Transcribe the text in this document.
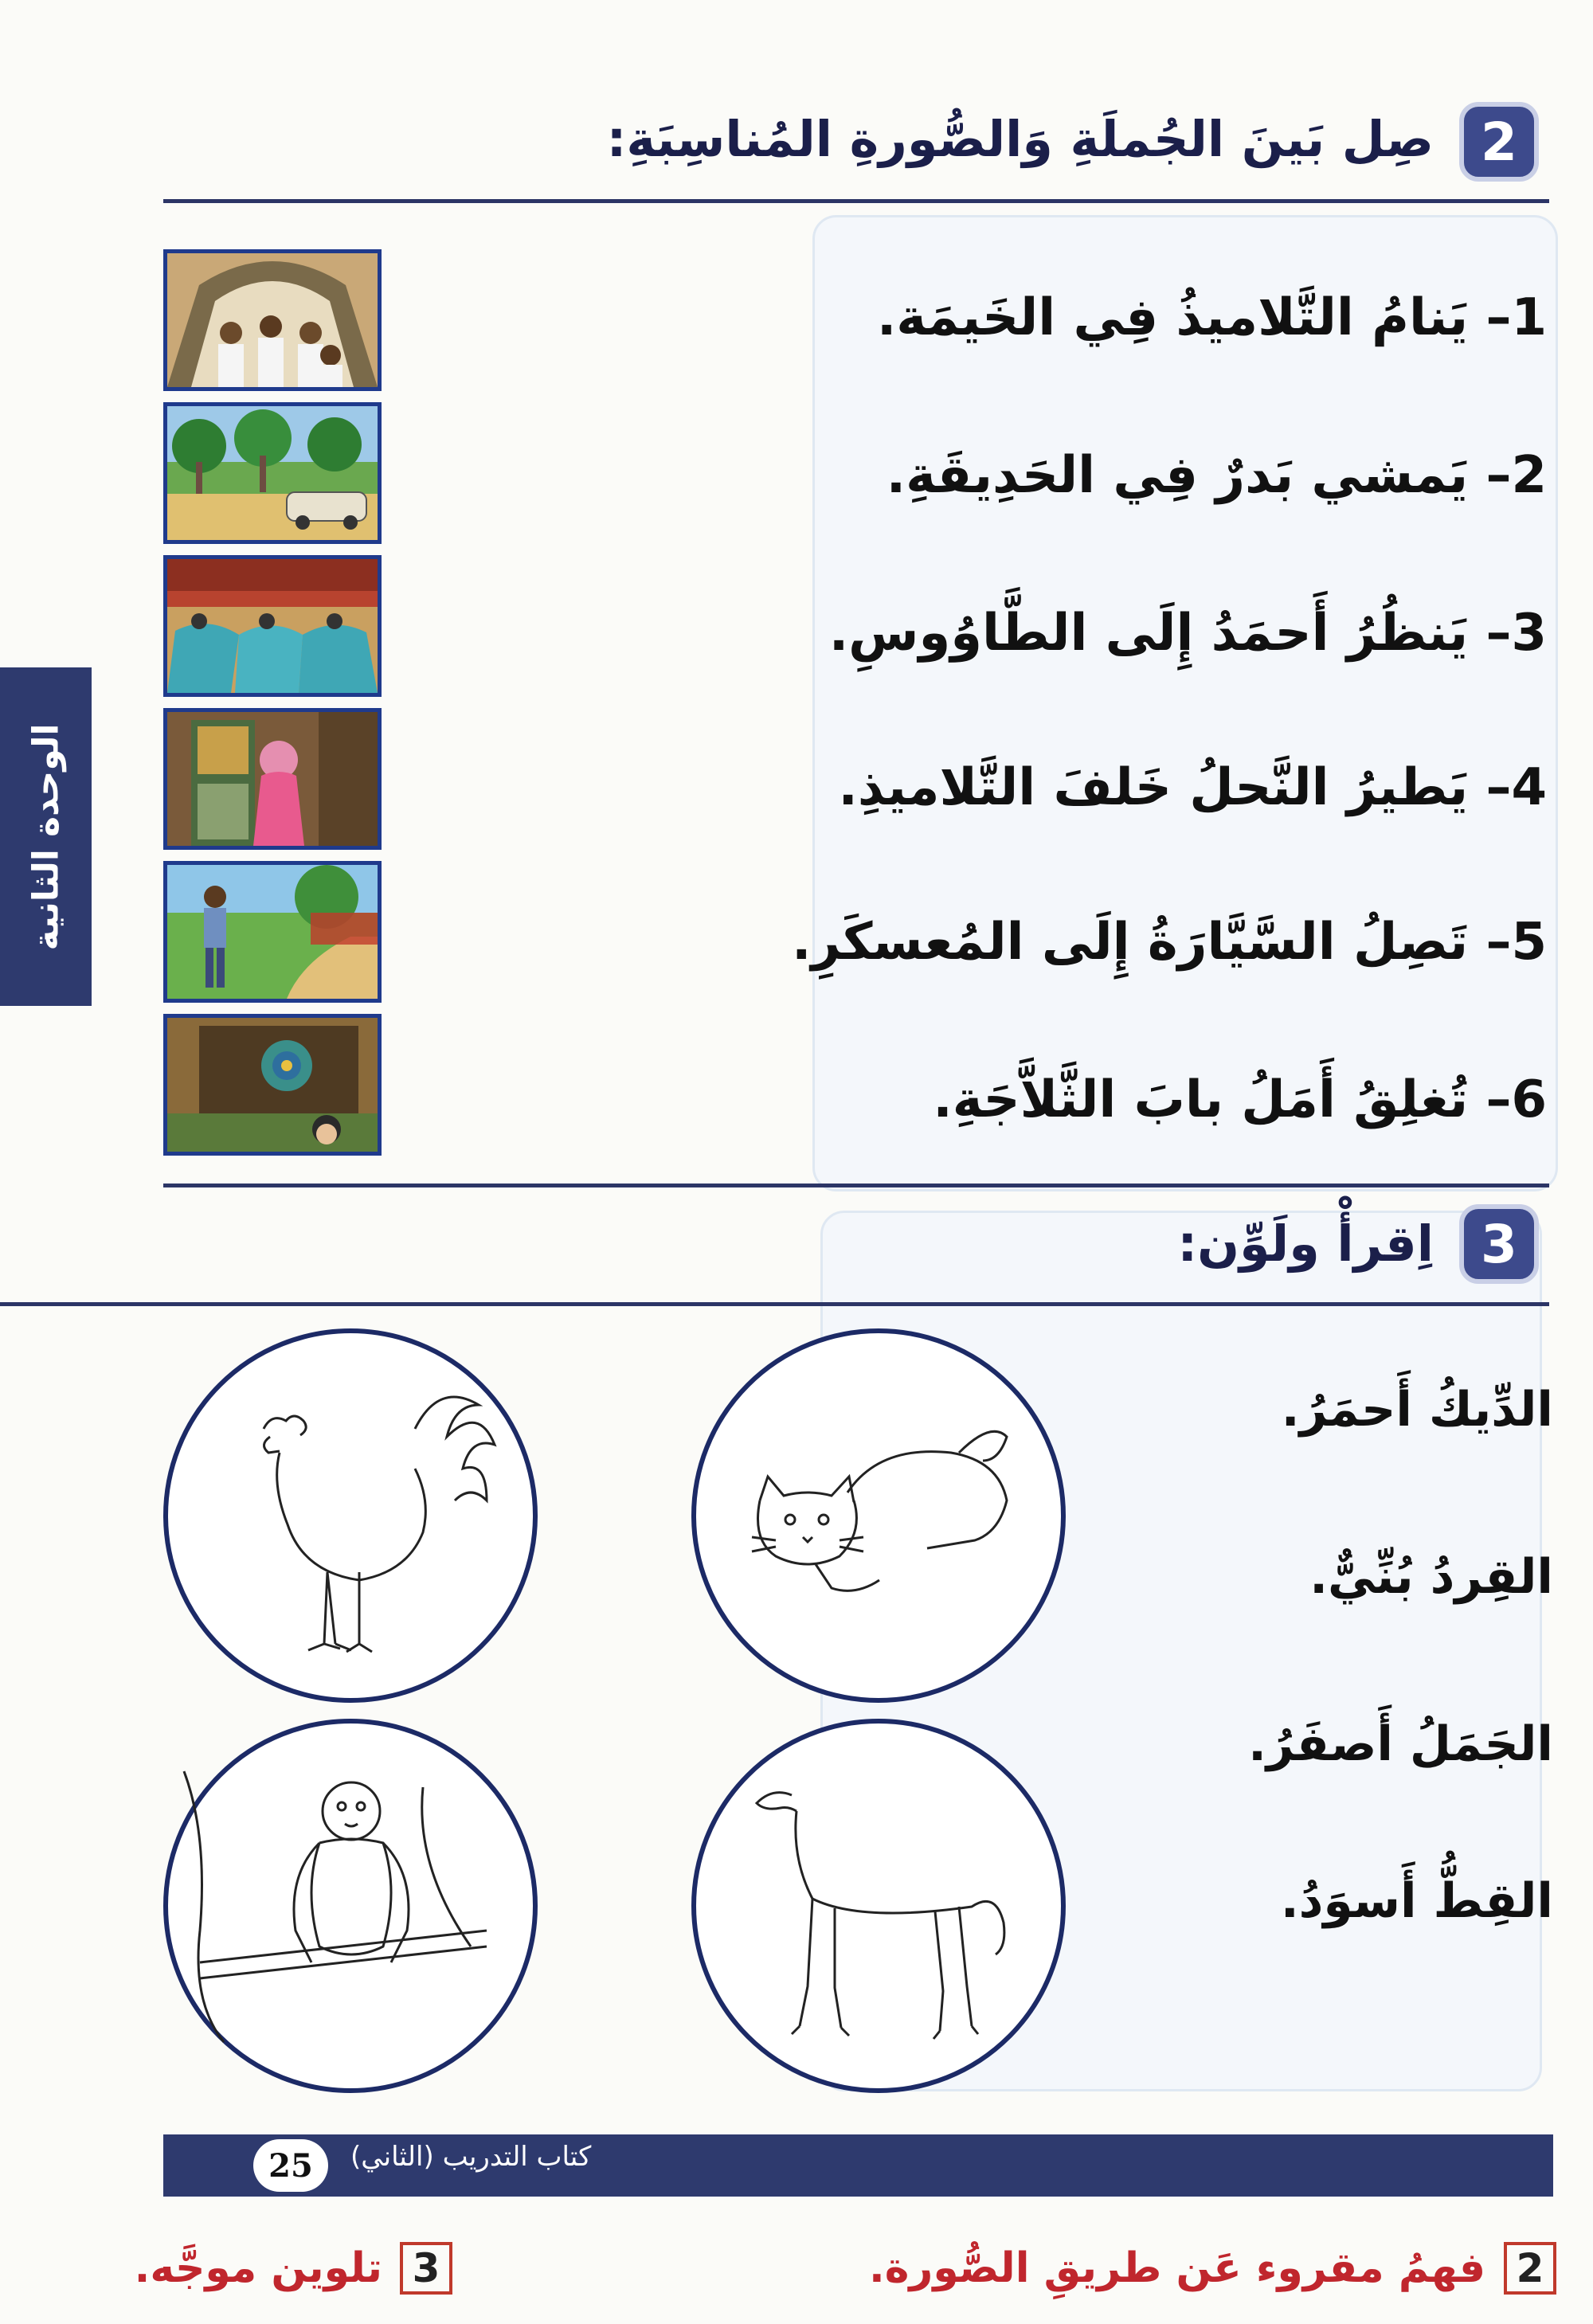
2
صِل بَينَ الجُملَةِ وَالصُّورةِ المُناسِبَةِ:
1– يَنامُ التَّلاميذُ فِي الخَيمَة.
2– يَمشي بَدرٌ فِي الحَدِيقَةِ.
3– يَنظُرُ أَحمَدُ إِلَى الطَّاوُوسِ.
4– يَطيرُ النَّحلُ خَلفَ التَّلاميذِ.
5– تَصِلُ السَّيَّارَةُ إِلَى المُعسكَرِ.
6– تُغلِقُ أَمَلُ بابَ الثَّلاَّجَةِ.
3
اِقرأْ ولَوِّن:
الدِّيكُ أَحمَرُ.
القِردُ بُنِّيٌّ.
الجَمَلُ أَصفَرُ.
القِطُّ أَسوَدُ.
الوحدة الثانية
25	كتاب التدريب (الثاني)
2
فهمُ مقروء عَن طريقِ الصُّورة.
3
تلوين موجَّه.
